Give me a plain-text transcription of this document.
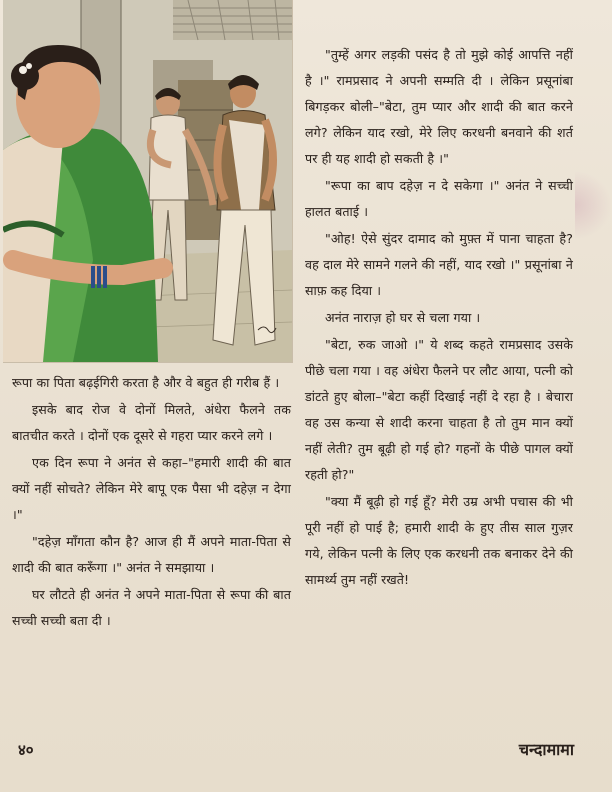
रूपा का पिता बढ़ईगिरी करता है और वे बहुत ही गरीब हैं ।

इसके बाद रोज वे दोनों मिलते, अंधेरा फैलने तक बातचीत करते । दोनों एक दूसरे से गहरा प्यार करने लगे ।

एक दिन रूपा ने अनंत से कहा–"हमारी शादी की बात क्यों नहीं सोचते? लेकिन मेरे बापू एक पैसा भी दहेज़ न देगा ।"

"दहेज़ माँगता कौन है? आज ही मैं अपने माता-पिता से शादी की बात करूँगा ।" अनंत ने समझाया ।

घर लौटते ही अनंत ने अपने माता-पिता से रूपा की बात सच्ची सच्ची बता दी ।

"तुम्हें अगर लड़की पसंद है तो मुझे कोई आपत्ति नहीं है ।" रामप्रसाद ने अपनी सम्मति दी । लेकिन प्रसूनांबा बिगड़कर बोली–"बेटा, तुम प्यार और शादी की बात करने लगे? लेकिन याद रखो, मेरे लिए करधनी बनवाने की शर्त पर ही यह शादी हो सकती है ।"

"रूपा का बाप दहेज़ न दे सकेगा ।" अनंत ने सच्ची हालत बताई ।

"ओह! ऐसे सुंदर दामाद को मुफ़्त में पाना चाहता है? वह दाल मेरे सामने गलने की नहीं, याद रखो ।" प्रसूनांबा ने साफ़ कह दिया ।

अनंत नाराज़ हो घर से चला गया ।

"बेटा, रुक जाओ ।" ये शब्द कहते रामप्रसाद उसके पीछे चला गया । वह अंधेरा फैलने पर लौट आया, पत्नी को डांटते हुए बोला–"बेटा कहीं दिखाई नहीं दे रहा है । बेचारा वह उस कन्या से शादी करना चाहता है तो तुम मान क्यों नहीं लेती? तुम बूढ़ी हो गई हो? गहनों के पीछे पागल क्यों रहती हो?"

"क्या मैं बूढ़ी हो गई हूँ? मेरी उम्र अभी पचास की भी पूरी नहीं हो पाई है; हमारी शादी के हुए तीस साल गुज़र गये, लेकिन पत्नी के लिए एक करधनी तक बनाकर देने की सामर्थ्य तुम नहीं रखते!

४०	चन्दामामा
